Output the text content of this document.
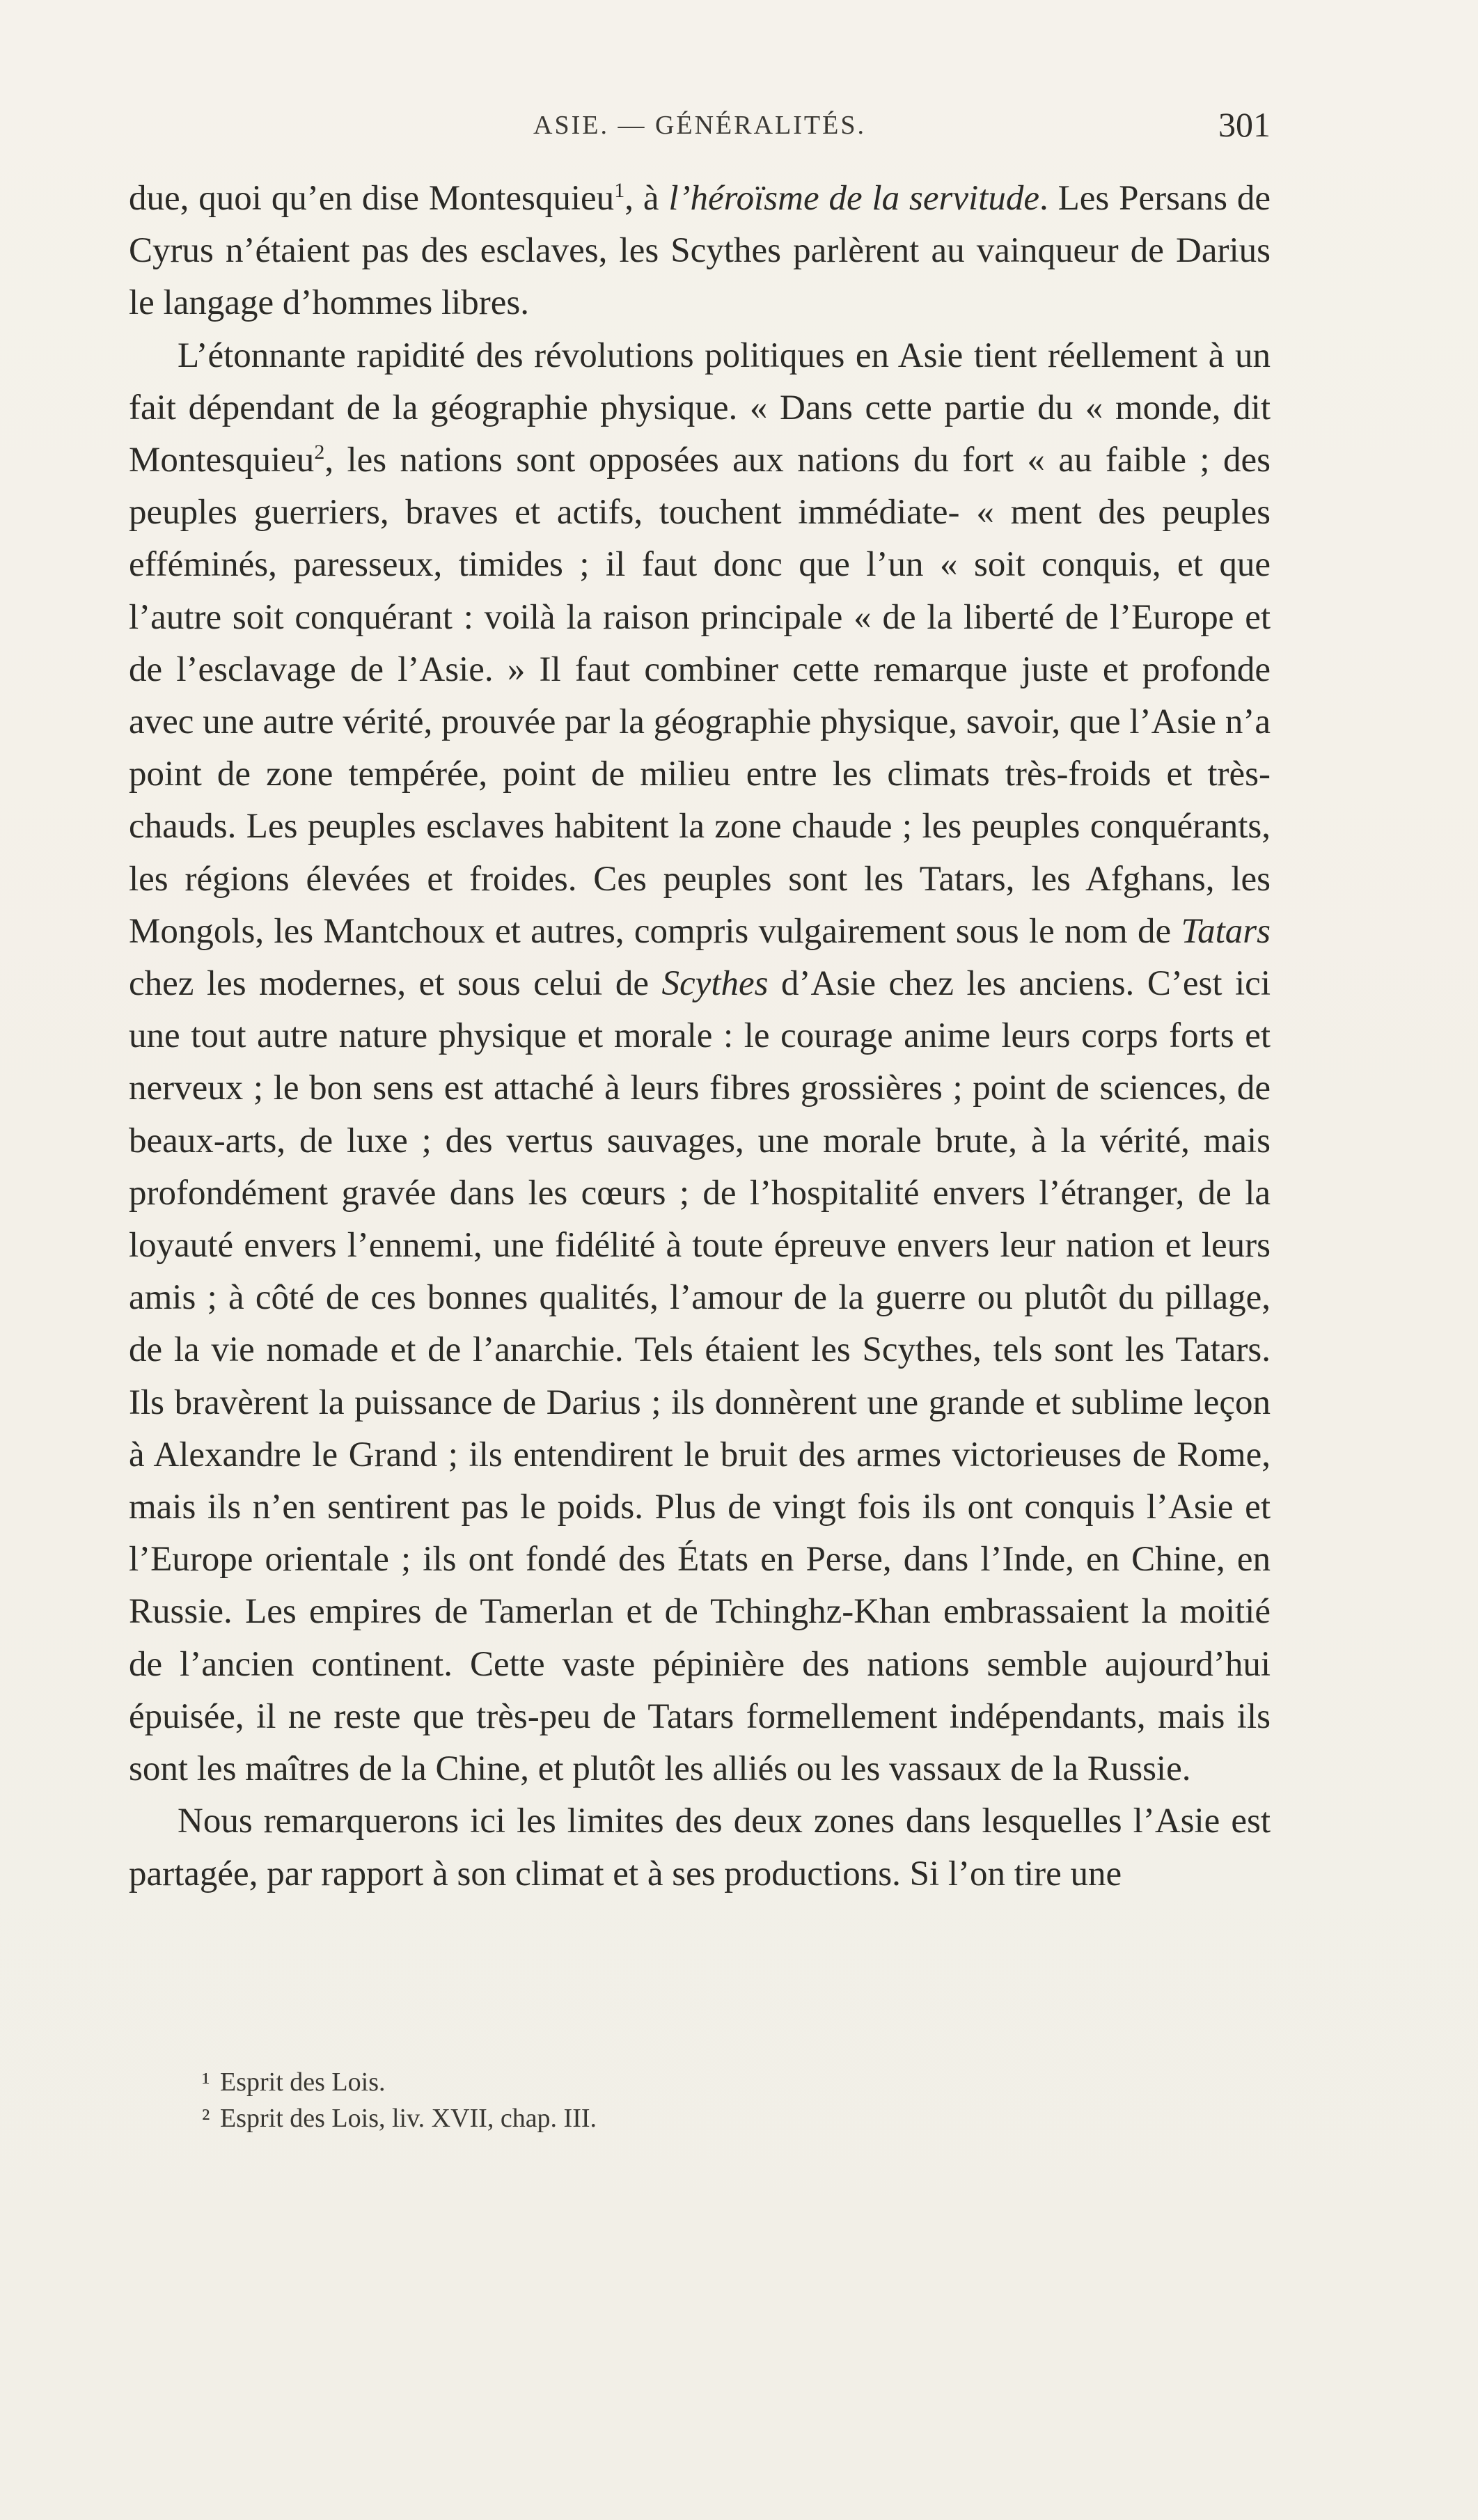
ASIE. — GÉNÉRALITÉS.	301

due, quoi qu’en dise Montesquieu$^1$, à l’héroïsme de la servitude. Les Persans de Cyrus n’étaient pas des esclaves, les Scythes parlèrent au vainqueur de Darius le langage d’hommes libres.

L’étonnante rapidité des révolutions politiques en Asie tient réellement à un fait dépendant de la géographie physique. « Dans cette partie du « monde, dit Montesquieu$^2$, les nations sont opposées aux nations du fort « au faible ; des peuples guerriers, braves et actifs, touchent immédiate- « ment des peuples efféminés, paresseux, timides ; il faut donc que l’un « soit conquis, et que l’autre soit conquérant : voilà la raison principale « de la liberté de l’Europe et de l’esclavage de l’Asie. » Il faut combiner cette remarque juste et profonde avec une autre vérité, prouvée par la géographie physique, savoir, que l’Asie n’a point de zone tempérée, point de milieu entre les climats très-froids et très-chauds. Les peuples esclaves habitent la zone chaude ; les peuples conquérants, les régions élevées et froides. Ces peuples sont les Tatars, les Afghans, les Mongols, les Mantchoux et autres, compris vulgairement sous le nom de Tatars chez les modernes, et sous celui de Scythes d’Asie chez les anciens. C’est ici une tout autre nature physique et morale : le courage anime leurs corps forts et nerveux ; le bon sens est attaché à leurs fibres grossières ; point de sciences, de beaux-arts, de luxe ; des vertus sauvages, une morale brute, à la vérité, mais profondément gravée dans les cœurs ; de l’hospitalité envers l’étranger, de la loyauté envers l’ennemi, une fidélité à toute épreuve envers leur nation et leurs amis ; à côté de ces bonnes qualités, l’amour de la guerre ou plutôt du pillage, de la vie nomade et de l’anarchie. Tels étaient les Scythes, tels sont les Tatars. Ils bravèrent la puissance de Darius ; ils donnèrent une grande et sublime leçon à Alexandre le Grand ; ils entendirent le bruit des armes victorieuses de Rome, mais ils n’en sentirent pas le poids. Plus de vingt fois ils ont conquis l’Asie et l’Europe orientale ; ils ont fondé des États en Perse, dans l’Inde, en Chine, en Russie. Les empires de Tamerlan et de Tchinghz-Khan embrassaient la moitié de l’ancien continent. Cette vaste pépinière des nations semble aujourd’hui épuisée, il ne reste que très-peu de Tatars formellement indépendants, mais ils sont les maîtres de la Chine, et plutôt les alliés ou les vassaux de la Russie.

Nous remarquerons ici les limites des deux zones dans lesquelles l’Asie est partagée, par rapport à son climat et à ses productions. Si l’on tire une

¹ Esprit des Lois.
² Esprit des Lois, liv. XVII, chap. III.
